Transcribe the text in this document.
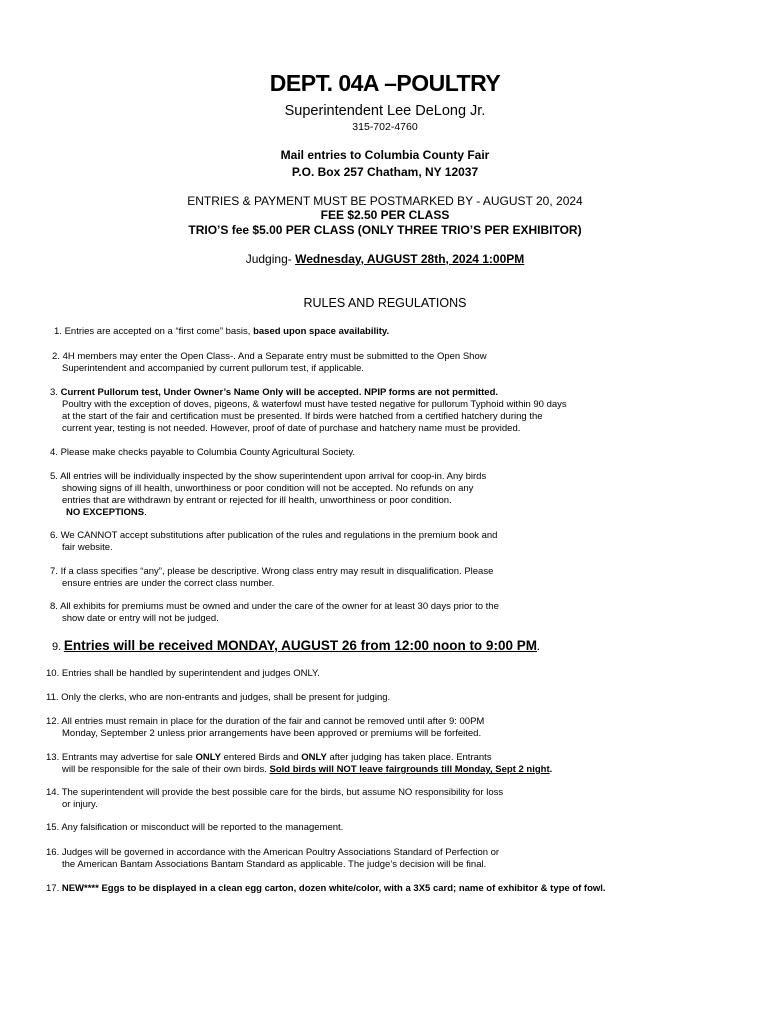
DEPT. 04A –POULTRY
Superintendent Lee DeLong Jr.
315-702-4760
Mail entries to Columbia County Fair
P.O. Box 257 Chatham, NY 12037
ENTRIES & PAYMENT MUST BE POSTMARKED BY - AUGUST 20, 2024
FEE $2.50 PER CLASS
TRIO’S fee $5.00 PER CLASS (ONLY THREE TRIO’S PER EXHIBITOR)
Judging- Wednesday, AUGUST 28th, 2024 1:00PM
RULES AND REGULATIONS
1. Entries are accepted on a “first come” basis, based upon space availability.
2. 4H members may enter the Open Class-. And a Separate entry must be submitted to the Open Show
Superintendent and accompanied by current pullorum test, if applicable.
3. Current Pullorum test, Under Owner’s Name Only will be accepted. NPIP forms are not permitted.
Poultry with the exception of doves, pigeons, & waterfowl must have tested negative for pullorum Typhoid within 90 days
at the start of the fair and certification must be presented. If birds were hatched from a certified hatchery during the
current year, testing is not needed. However, proof of date of purchase and hatchery name must be provided.
4. Please make checks payable to Columbia County Agricultural Society.
5. All entries will be individually inspected by the show superintendent upon arrival for coop-in. Any birds
showing signs of ill health, unworthiness or poor condition will not be accepted. No refunds on any
entries that are withdrawn by entrant or rejected for ill health, unworthiness or poor condition.
NO EXCEPTIONS.
6. We CANNOT accept substitutions after publication of the rules and regulations in the premium book and
fair website.
7. If a class specifies “any”, please be descriptive. Wrong class entry may result in disqualification. Please
ensure entries are under the correct class number.
8. All exhibits for premiums must be owned and under the care of the owner for at least 30 days prior to the
show date or entry will not be judged.
9. Entries will be received MONDAY, AUGUST 26 from 12:00 noon to 9:00 PM.
10. Entries shall be handled by superintendent and judges ONLY.
11. Only the clerks, who are non-entrants and judges, shall be present for judging.
12. All entries must remain in place for the duration of the fair and cannot be removed until after 9: 00PM
Monday, September 2 unless prior arrangements have been approved or premiums will be forfeited.
13. Entrants may advertise for sale ONLY entered Birds and ONLY after judging has taken place. Entrants
will be responsible for the sale of their own birds. Sold birds will NOT leave fairgrounds till Monday, Sept 2 night.
14. The superintendent will provide the best possible care for the birds, but assume NO responsibility for loss
or injury.
15. Any falsification or misconduct will be reported to the management.
16. Judges will be governed in accordance with the American Poultry Associations Standard of Perfection or
the American Bantam Associations Bantam Standard as applicable. The judge’s decision will be final.
17. NEW**** Eggs to be displayed in a clean egg carton, dozen white/color, with a 3X5 card; name of exhibitor & type of fowl.
